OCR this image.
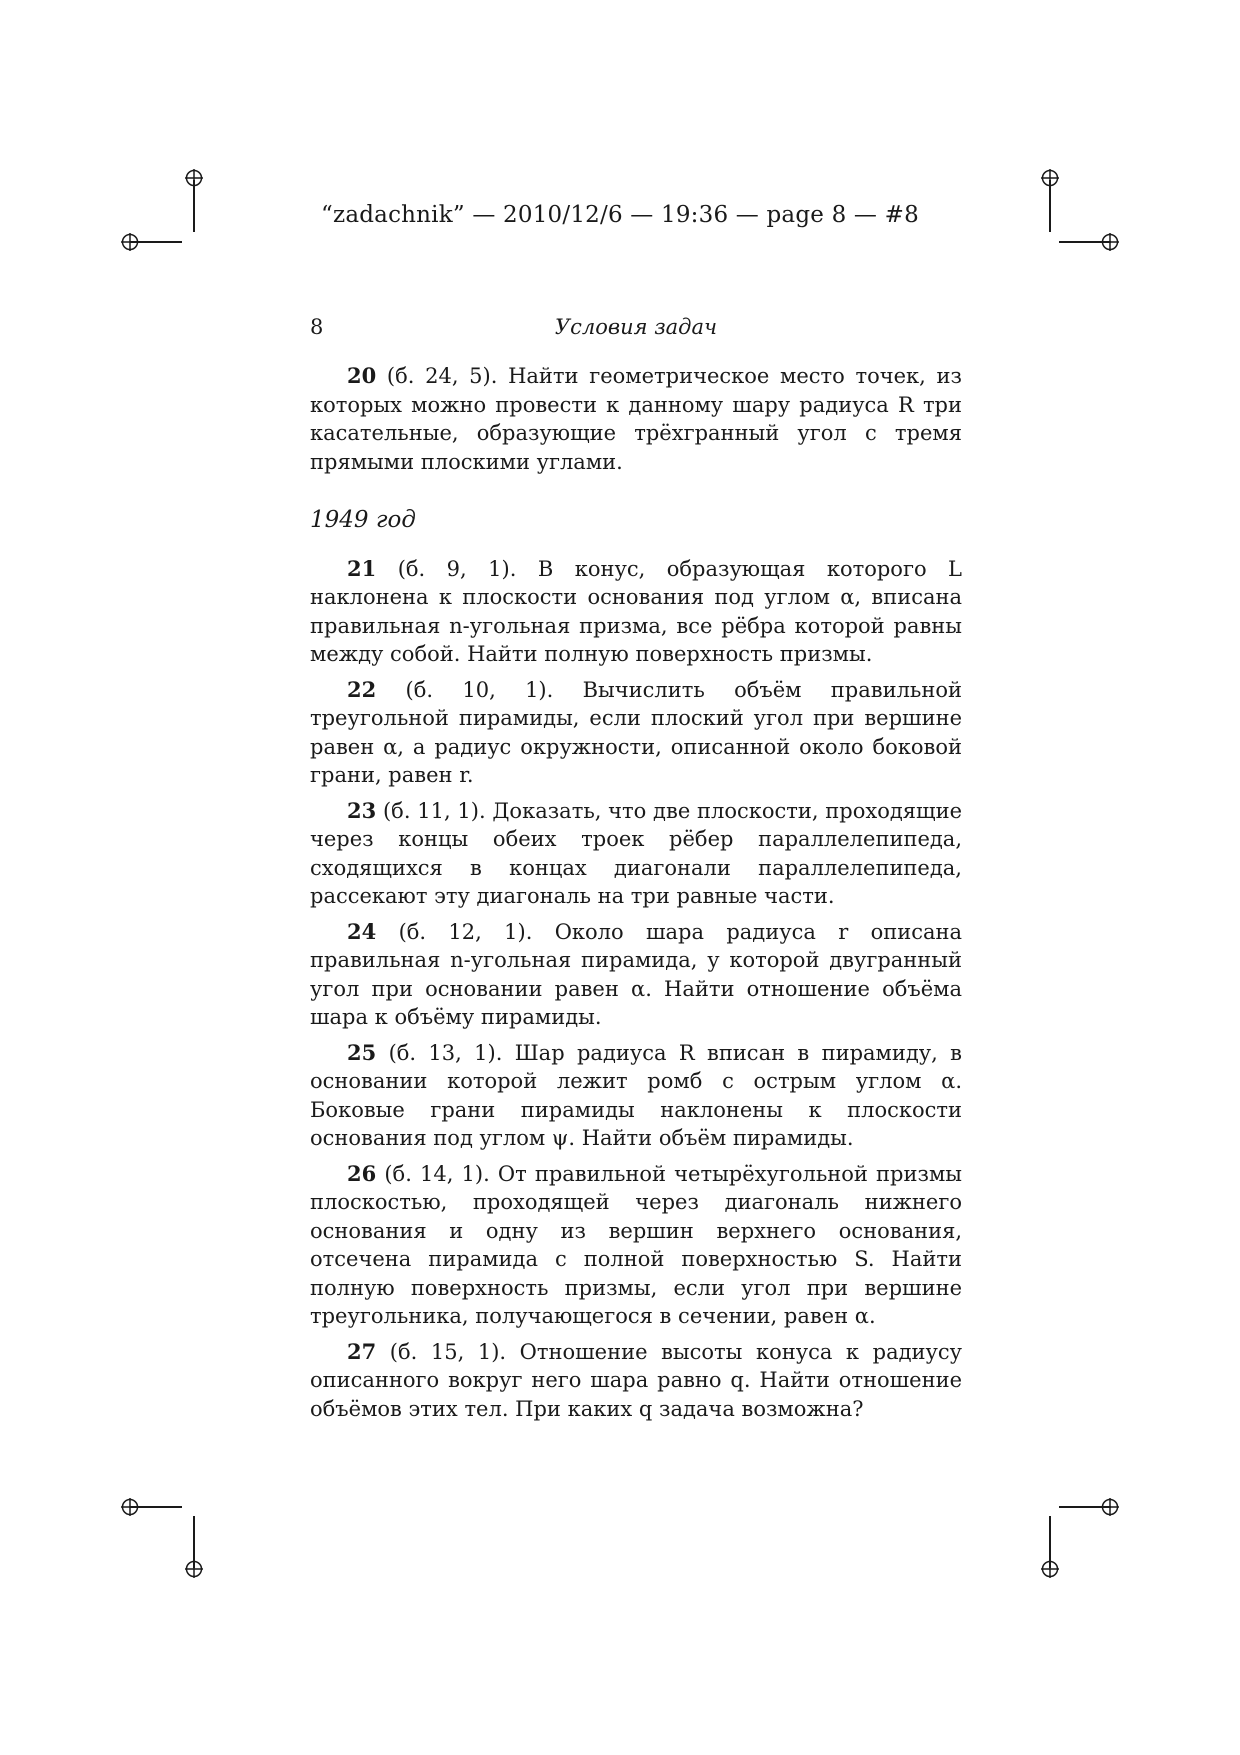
“zadachnik” — 2010/12/6 — 19:36 — page 8 — #8
8	Условия задач

20 (б. 24, 5). Найти геометрическое место точек, из которых можно провести к данному шару радиуса R три касательные, образующие трёхгранный угол с тремя прямыми плоскими углами.

1949 год

21 (б. 9, 1). В конус, образующая которого L наклонена к плоскости основания под углом α, вписана правильная n-угольная призма, все рёбра которой равны между собой. Найти полную поверхность призмы.

22 (б. 10, 1). Вычислить объём правильной треугольной пирамиды, если плоский угол при вершине равен α, а радиус окружности, описанной около боковой грани, равен r.

23 (б. 11, 1). Доказать, что две плоскости, проходящие через концы обеих троек рёбер параллелепипеда, сходящихся в концах диагонали параллелепипеда, рассекают эту диагональ на три равные части.

24 (б. 12, 1). Около шара радиуса r описана правильная n-угольная пирамида, у которой двугранный угол при основании равен α. Найти отношение объёма шара к объёму пирамиды.

25 (б. 13, 1). Шар радиуса R вписан в пирамиду, в основании которой лежит ромб с острым углом α. Боковые грани пирамиды наклонены к плоскости основания под углом ψ. Найти объём пирамиды.

26 (б. 14, 1). От правильной четырёхугольной призмы плоскостью, проходящей через диагональ нижнего основания и одну из вершин верхнего основания, отсечена пирамида с полной поверхностью S. Найти полную поверхность призмы, если угол при вершине треугольника, получающегося в сечении, равен α.

27 (б. 15, 1). Отношение высоты конуса к радиусу описанного вокруг него шара равно q. Найти отношение объёмов этих тел. При каких q задача возможна?
